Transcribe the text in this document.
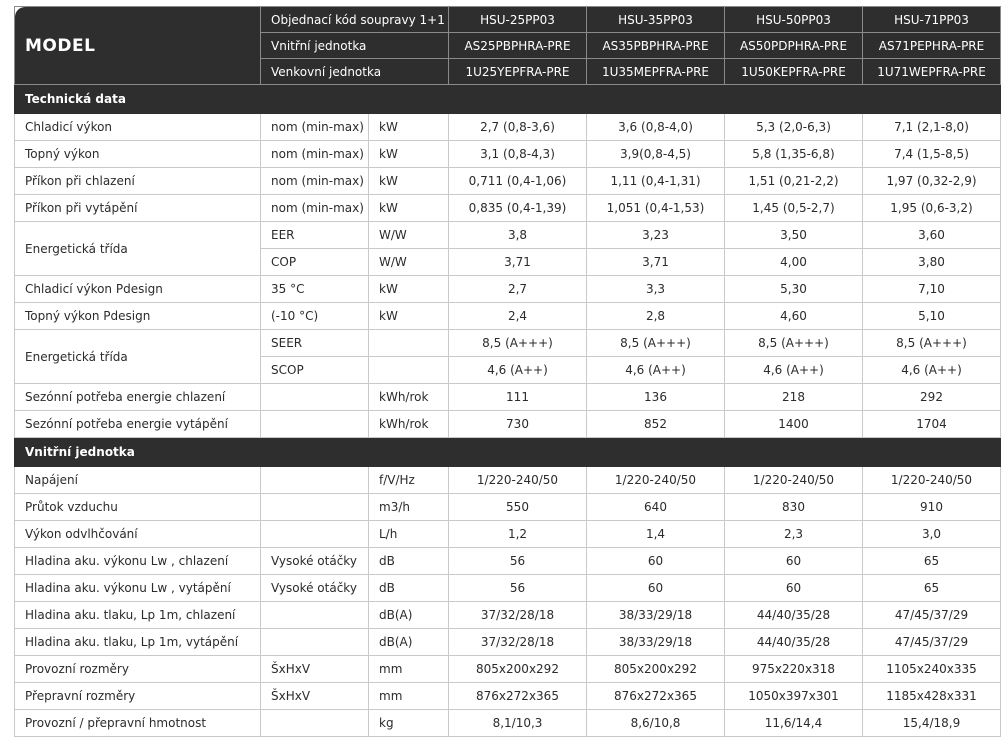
MODEL	Objednací kód soupravy 1+1		HSU-25PP03	HSU-35PP03	HSU-50PP03	HSU-71PP03
	Vnitřní jednotka		AS25PBPHRA-PRE	AS35PBPHRA-PRE	AS50PDPHRA-PRE	AS71PEPHRA-PRE
	Venkovní jednotka		1U25YEPFRA-PRE	1U35MEPFRA-PRE	1U50KEPFRA-PRE	1U71WEPFRA-PRE
Technická data						
Chladicí výkon	nom (min-max)	kW	2,7 (0,8-3,6)	3,6 (0,8-4,0)	5,3 (2,0-6,3)	7,1 (2,1-8,0)
Topný výkon	nom (min-max)	kW	3,1 (0,8-4,3)	3,9(0,8-4,5)	5,8 (1,35-6,8)	7,4 (1,5-8,5)
Příkon při chlazení	nom (min-max)	kW	0,711 (0,4-1,06)	1,11 (0,4-1,31)	1,51 (0,21-2,2)	1,97 (0,32-2,9)
Příkon při vytápění	nom (min-max)	kW	0,835 (0,4-1,39)	1,051 (0,4-1,53)	1,45 (0,5-2,7)	1,95 (0,6-3,2)
Energetická třída	EER	W/W	3,8	3,23	3,50	3,60
	COP	W/W	3,71	3,71	4,00	3,80
Chladicí výkon Pdesign	35 °C	kW	2,7	3,3	5,30	7,10
Topný výkon Pdesign	(-10 °C)	kW	2,4	2,8	4,60	5,10
Energetická třída	SEER		8,5 (A+++)	8,5 (A+++)	8,5 (A+++)	8,5 (A+++)
	SCOP		4,6 (A++)	4,6 (A++)	4,6 (A++)	4,6 (A++)
Sezónní potřeba energie chlazení		kWh/rok	111	136	218	292
Sezónní potřeba energie vytápění		kWh/rok	730	852	1400	1704
Vnitřní jednotka						
Napájení		f/V/Hz	1/220-240/50	1/220-240/50	1/220-240/50	1/220-240/50
Průtok vzduchu		m3/h	550	640	830	910
Výkon odvlhčování		L/h	1,2	1,4	2,3	3,0
Hladina aku. výkonu Lw , chlazení	Vysoké otáčky	dB	56	60	60	65
Hladina aku. výkonu Lw , vytápění	Vysoké otáčky	dB	56	60	60	65
Hladina aku. tlaku, Lp 1m, chlazení		dB(A)	37/32/28/18	38/33/29/18	44/40/35/28	47/45/37/29
Hladina aku. tlaku, Lp 1m, vytápění		dB(A)	37/32/28/18	38/33/29/18	44/40/35/28	47/45/37/29
Provozní rozměry	ŠxHxV	mm	805x200x292	805x200x292	975x220x318	1105x240x335
Přepravní rozměry	ŠxHxV	mm	876x272x365	876x272x365	1050x397x301	1185x428x331
Provozní / přepravní hmotnost		kg	8,1/10,3	8,6/10,8	11,6/14,4	15,4/18,9
